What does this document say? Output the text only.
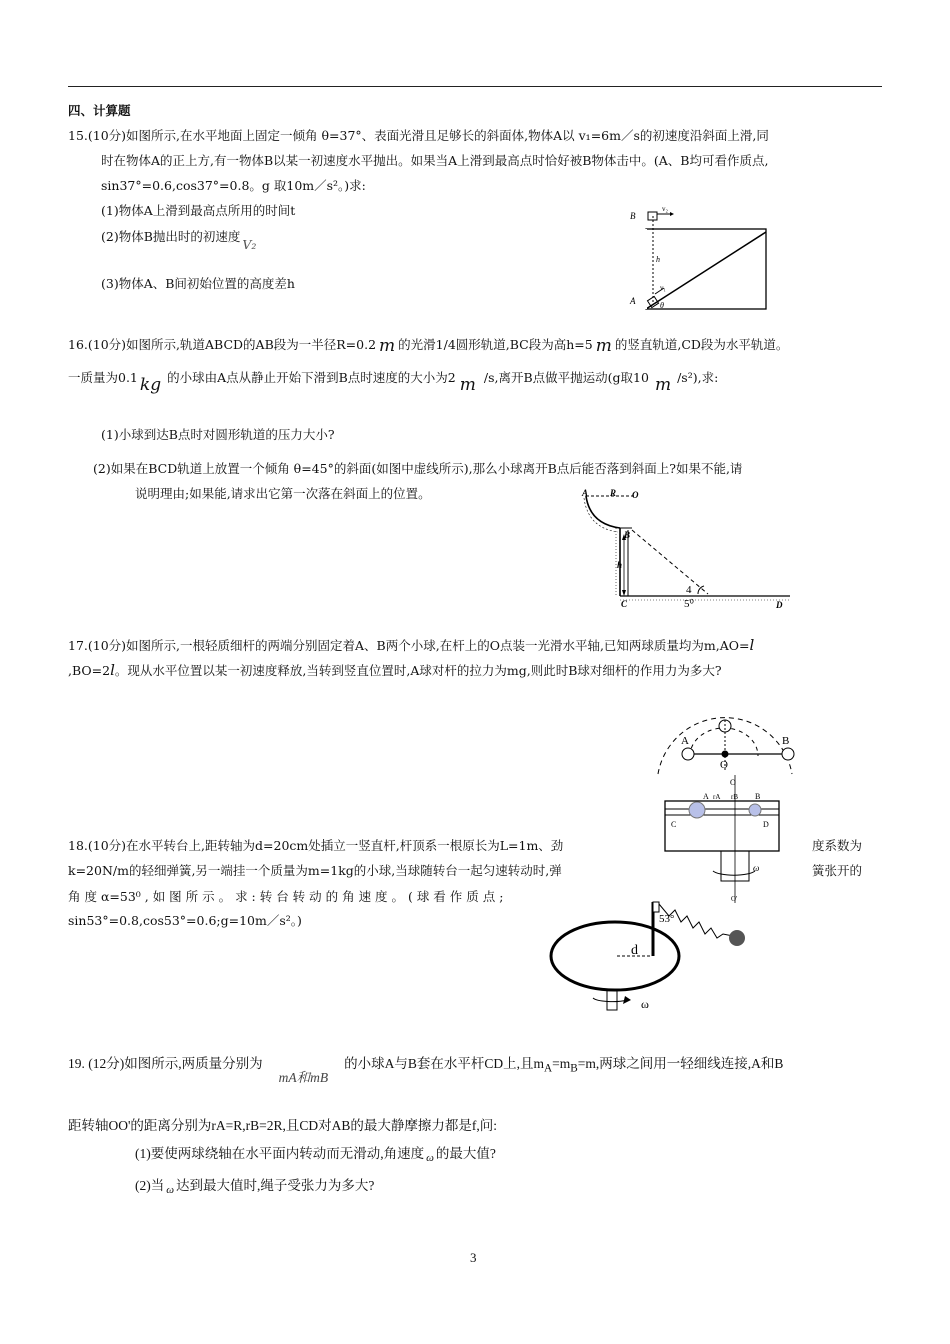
四、计算题
15.(10分)如图所示,在水平地面上固定一倾角 θ=37°、表面光滑且足够长的斜面体,物体A以 v₁=6m／s的初速度沿斜面上滑,同
时在物体A的正上方,有一物体B以某一初速度水平抛出。如果当A上滑到最高点时恰好被B物体击中。(A、B均可看作质点,
sin37°=0.6,cos37°=0.8。g 取10m／s²。)求:
(1)物体A上滑到最高点所用的时间t
(2)物体B抛出时的初速度V₂
(3)物体A、B间初始位置的高度差h
B
v₂
h
A
v₁
θ
16.(10分)如图所示,轨道ABCD的AB段为一半径R=0.2 m 的光滑1/4圆形轨道,BC段为高h=5 m 的竖直轨道,CD段为水平轨道。
一质量为0.1 kg 的小球由A点从静止开始下滑到B点时速度的大小为2 m /s,离开B点做平抛运动(g取10 m /s²),求:
(1)小球到达B点时对圆形轨道的压力大小?
(2)如果在BCD轨道上放置一个倾角 θ=45°的斜面(如图中虚线所示),那么小球离开B点后能否落到斜面上?如果不能,请
说明理由;如果能,请求出它第一次落在斜面上的位置。	A R O
B
h
C	D
4
5⁰
17.(10分)如图所示,一根轻质细杆的两端分别固定着A、B两个小球,在杆上的O点装一光滑水平轴,已知两球质量均为m,AO=l
,BO=2l。现从水平位置以某一初速度释放,当转到竖直位置时,A球对杆的拉力为mg,则此时B球对细杆的作用力为多大?
A	B
O
O
A rA rB B
C	D
ω
O'
18.(10分)在水平转台上,距转轴为d=20cm处插立一竖直杆,杆顶系一根原长为L=1m、劲	度系数为
k=20N/m的轻细弹簧,另一端挂一个质量为m=1kg的小球,当球随转台一起匀速转动时,弹	簧张开的
角 度 α=53⁰ , 如 图 所 示 。 求 : 转 台 转 动 的 角 速 度 。 ( 球 看 作 质 点 ;
sin53°=0.8,cos53°=0.6;g=10m／s²。)	53°
d
ω
19. (12分)如图所示,两质量分别为mA和mB的小球A与B套在水平杆CD上,且$m_A=m_B=m$,两球之间用一轻细线连接,A和B
距转轴OO'的距离分别为rA=R,rB=2R,且CD对AB的最大静摩擦力都是f,问:
(1)要使两球绕轴在水平面内转动而无滑动,角速度 $_\omega$ 的最大值?
(2)当 $_\omega$ 达到最大值时,绳子受张力为多大?
3
